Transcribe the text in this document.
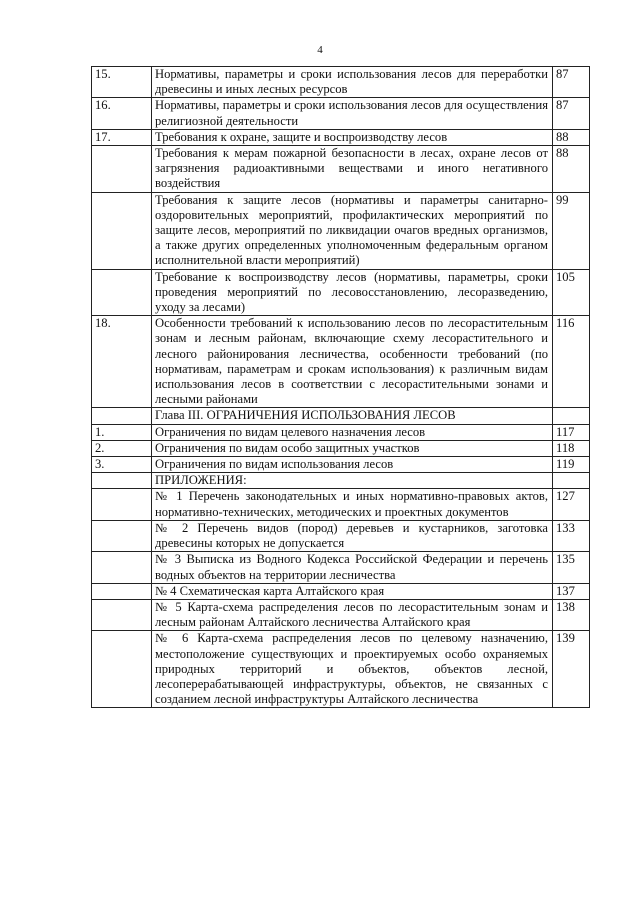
4
15.	Нормативы, параметры и сроки использования лесов для переработки древесины и иных лесных ресурсов	87
16.	Нормативы, параметры и сроки использования лесов для осуществления религиозной деятельности	87
17.	Требования к охране, защите и воспроизводству лесов	88
	Требования к мерам пожарной безопасности в лесах, охране лесов от загрязнения радиоактивными веществами и иного негативного воздействия	88
	Требования к защите лесов (нормативы и параметры санитарно-оздоровительных мероприятий, профилактических мероприятий по защите лесов, мероприятий по ликвидации очагов вредных организмов, а также других определенных уполномоченным федеральным органом исполнительной власти мероприятий)	99
	Требование к воспроизводству лесов (нормативы, параметры, сроки проведения мероприятий по лесовосстановлению, лесоразведению, уходу за лесами)	105
18.	Особенности требований к использованию лесов по лесорастительным зонам и лесным районам, включающие схему лесорастительного и лесного районирования лесничества, особенности требований (по нормативам, параметрам и срокам использования) к различным видам использования лесов в соответствии с лесорастительными зонами и лесными районами	116
	Глава III. ОГРАНИЧЕНИЯ ИСПОЛЬЗОВАНИЯ ЛЕСОВ	
1.	Ограничения по видам целевого назначения лесов	117
2.	Ограничения по видам особо защитных участков	118
3.	Ограничения по видам использования лесов	119
	ПРИЛОЖЕНИЯ:	
	№ 1 Перечень законодательных и иных нормативно-правовых актов, нормативно-технических, методических и проектных документов	127
	№ 2 Перечень видов (пород) деревьев и кустарников, заготовка древесины которых не допускается	133
	№ 3 Выписка из Водного Кодекса Российской Федерации и перечень водных объектов на территории лесничества	135
	№ 4 Схематическая карта Алтайского края	137
	№ 5 Карта-схема распределения лесов по лесорастительным зонам и лесным районам Алтайского лесничества Алтайского края	138
	№ 6 Карта-схема распределения лесов по целевому назначению, местоположение существующих и проектируемых особо охраняемых природных территорий и объектов, объектов лесной, лесоперерабатывающей инфраструктуры, объектов, не связанных с созданием лесной инфраструктуры Алтайского лесничества	139
